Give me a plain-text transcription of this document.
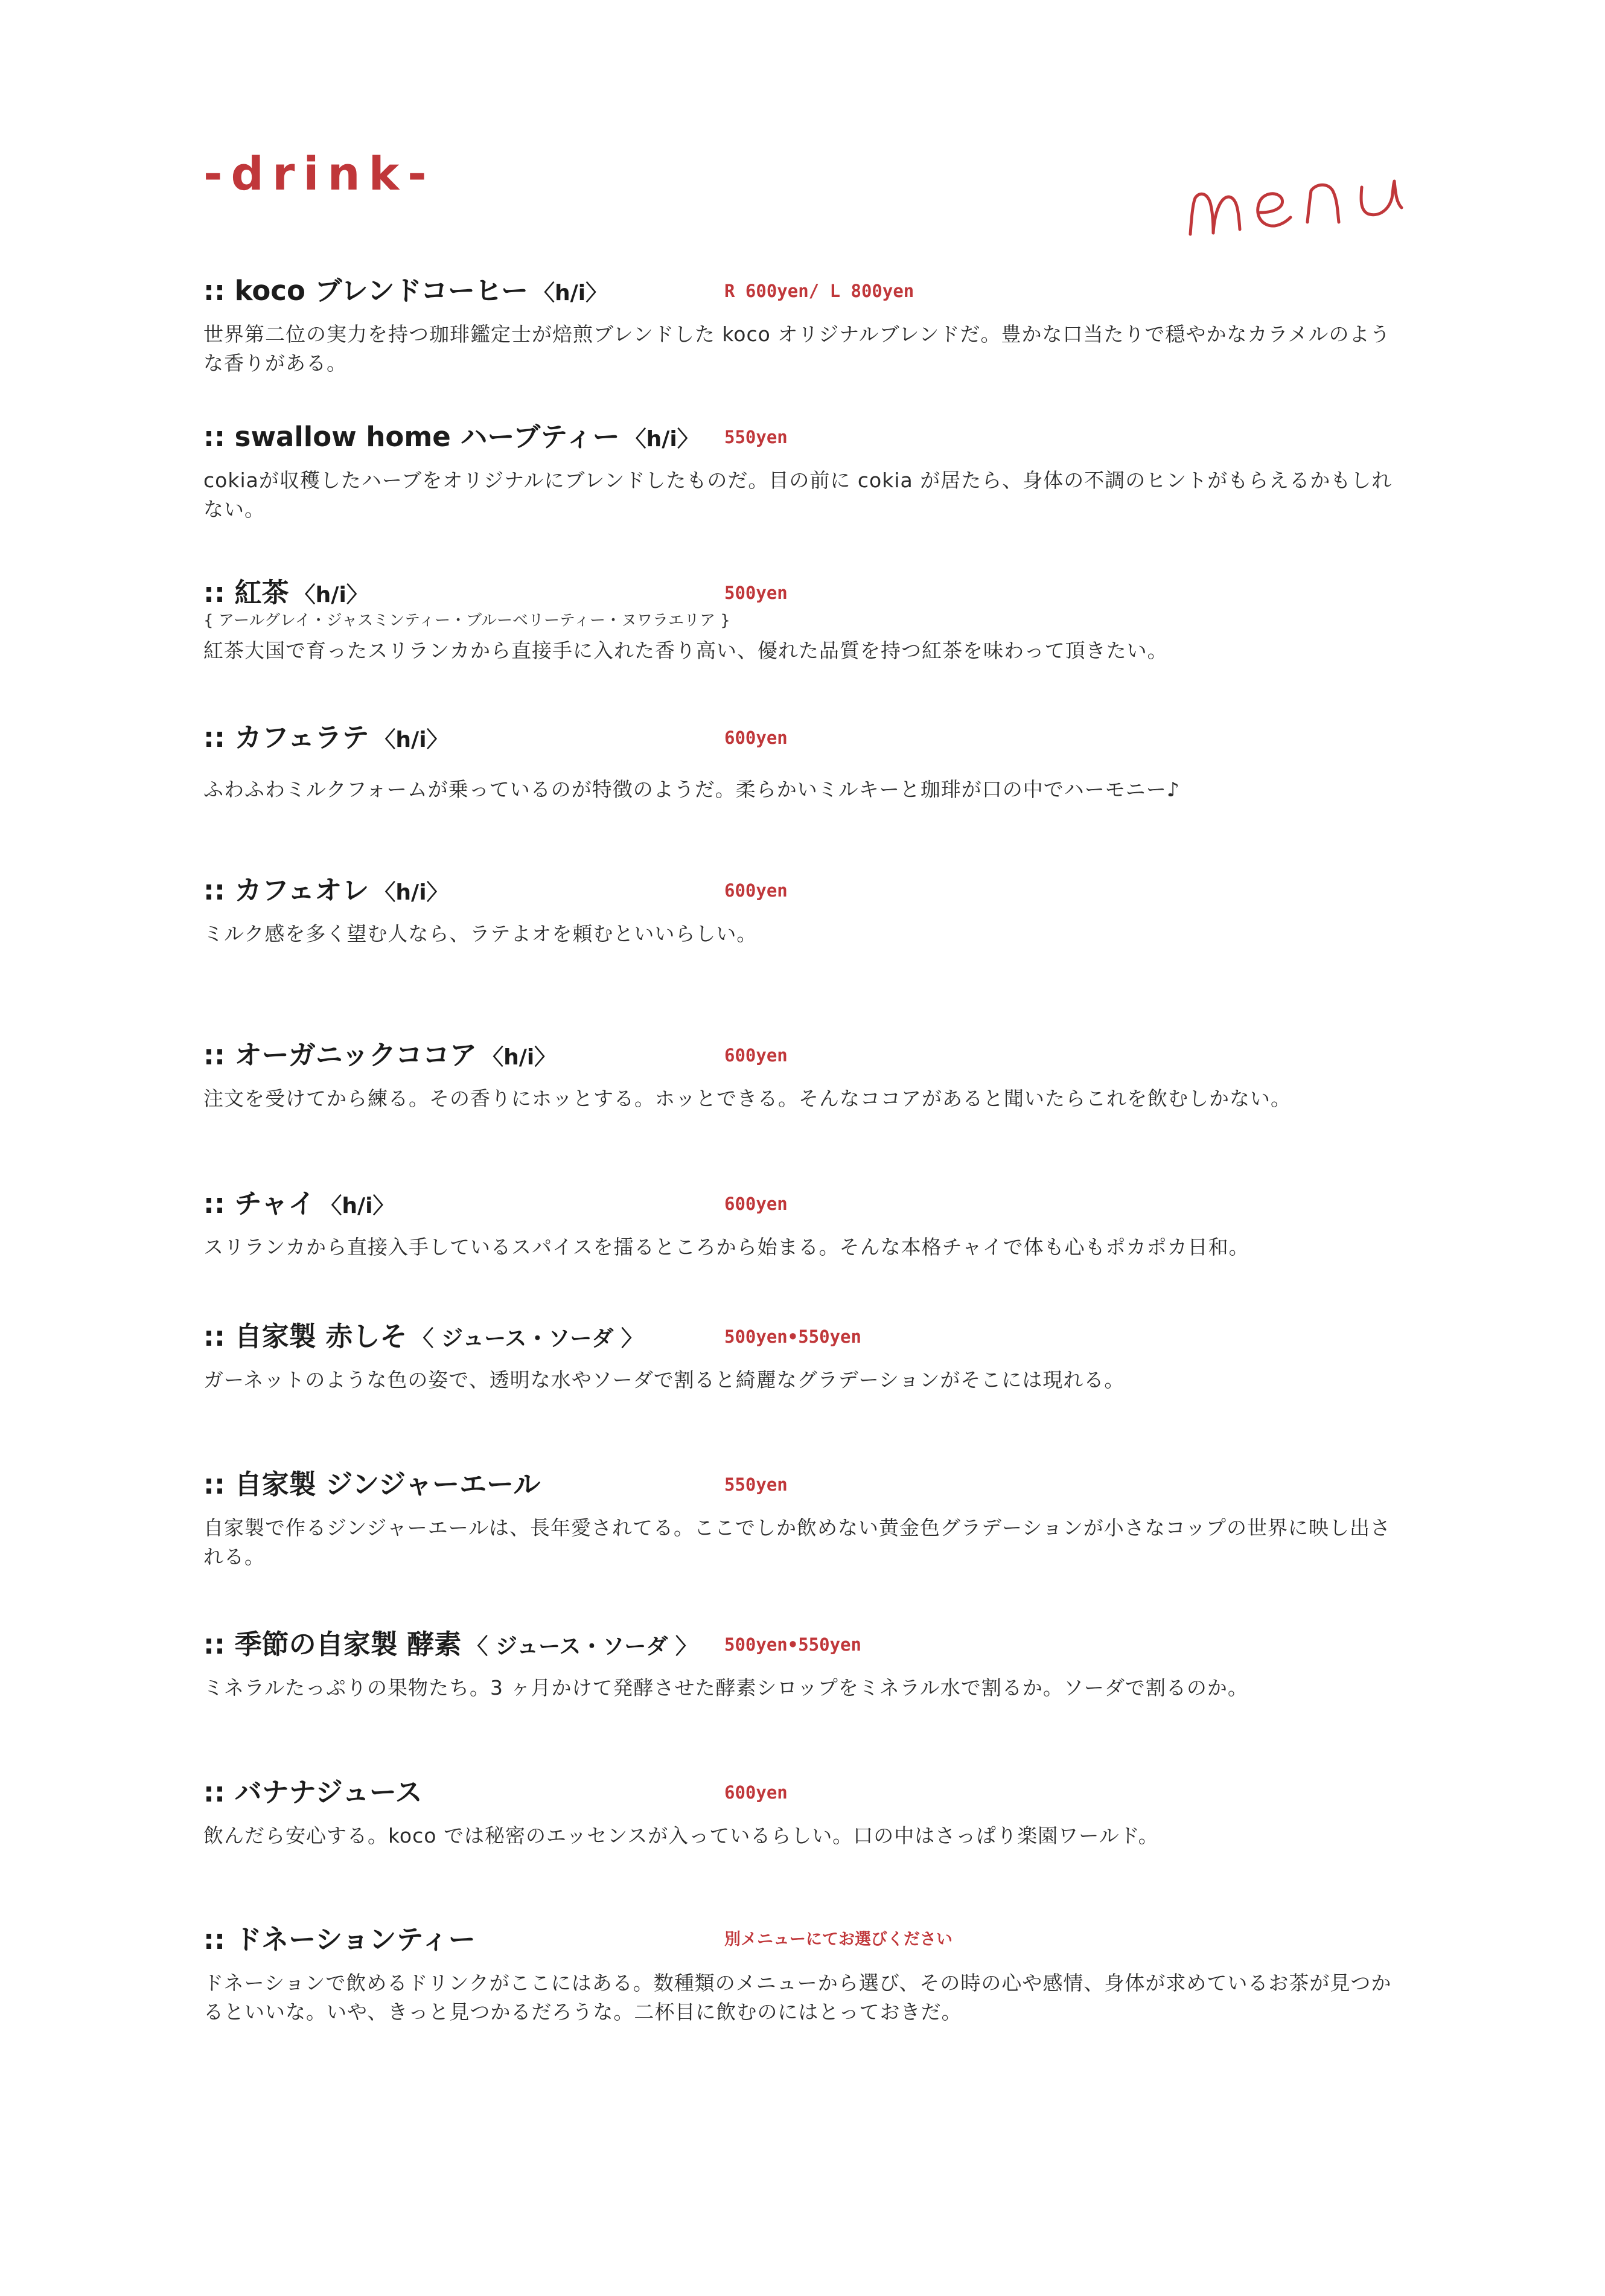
-drink-
menu
:: koco ブレンドコーヒー 〈h/i〉	R 600yen/ L 800yen

世界第二位の実力を持つ珈琲鑑定士が焙煎ブレンドした koco オリジナルブレンドだ。豊かな口当たりで穏やかなカラメルのような香りがある。

:: swallow home ハーブティー 〈h/i〉 550yen

cokiaが収穫したハーブをオリジナルにブレンドしたものだ。目の前に cokia が居たら、身体の不調のヒントがもらえるかもしれない。

:: 紅茶 〈h/i〉	500yen
{ アールグレイ・ジャスミンティー・ブルーベリーティー・ヌワラエリア }

紅茶大国で育ったスリランカから直接手に入れた香り高い、優れた品質を持つ紅茶を味わって頂きたい。

:: カフェラテ 〈h/i〉	600yen

ふわふわミルクフォームが乗っているのが特徴のようだ。柔らかいミルキーと珈琲が口の中でハーモニー♪

:: カフェオレ 〈h/i〉	600yen

ミルク感を多く望む人なら、ラテよオを頼むといいらしい。

:: オーガニックココア 〈h/i〉	600yen

注文を受けてから練る。その香りにホッとする。ホッとできる。そんなココアがあると聞いたらこれを飲むしかない。

:: チャイ 〈h/i〉	600yen

スリランカから直接入手しているスパイスを擂るところから始まる。そんな本格チャイで体も心もポカポカ日和。

:: 自家製 赤しそ 〈 ジュース・ソーダ 〉	500yen•550yen

ガーネットのような色の姿で、透明な水やソーダで割ると綺麗なグラデーションがそこには現れる。

:: 自家製 ジンジャーエール	550yen

自家製で作るジンジャーエールは、長年愛されてる。ここでしか飲めない黄金色グラデーションが小さなコップの世界に映し出される。

:: 季節の自家製 酵素 〈 ジュース・ソーダ 〉 500yen•550yen

ミネラルたっぷりの果物たち。3 ヶ月かけて発酵させた酵素シロップをミネラル水で割るか。ソーダで割るのか。

:: バナナジュース	600yen

飲んだら安心する。koco では秘密のエッセンスが入っているらしい。口の中はさっぱり楽園ワールド。

:: ドネーションティー	別メニューにてお選びください

ドネーションで飲めるドリンクがここにはある。数種類のメニューから選び、その時の心や感情、身体が求めているお茶が見つかるといいな。いや、きっと見つかるだろうな。二杯目に飲むのにはとっておきだ。
